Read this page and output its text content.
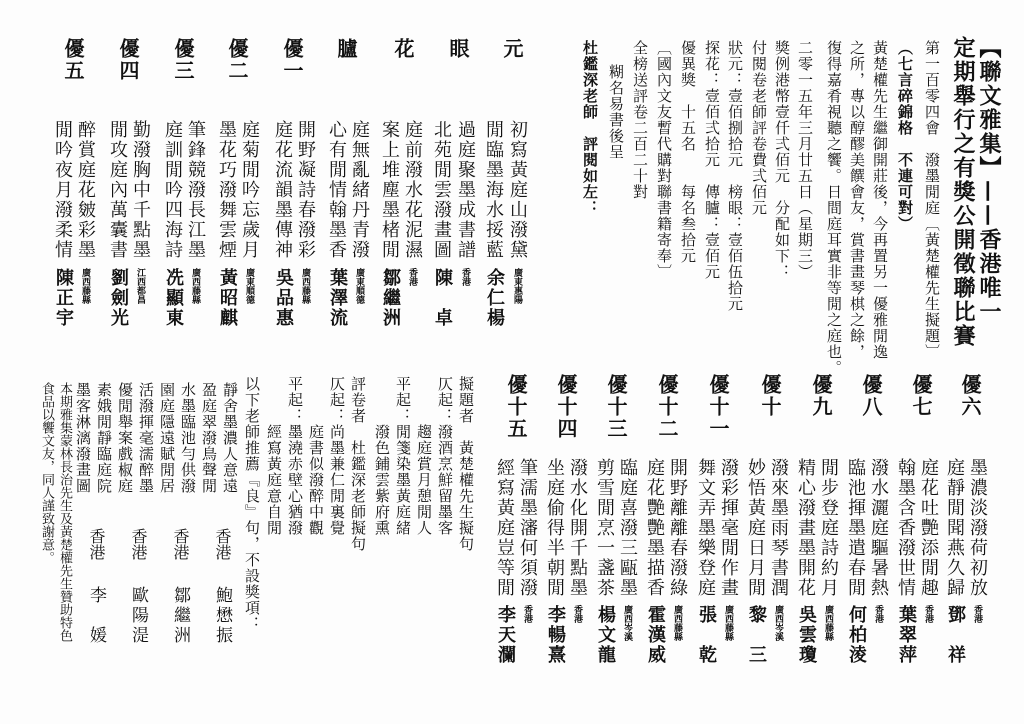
【聯文雅集】——香港唯一
定期舉行之有獎公開徵聯比賽
第一百零四會　潑墨閒庭〔黃楚權先生擬題〕
（七言碎錦格　不連可對）
黃楚權先生繼御開莊後，今再置另一優雅閒逸
之所，專以醇醪美饌會友，賞書畫琴棋之餘，
復得嘉肴視聽之饗。日間庭耳實非等閒之庭也。
二零一五年三月廿五日（星期三）
獎例港幣壹仟弍佰元　分配如下：
付閱卷老師評卷費弍佰元
狀元：壹佰捌拾元　榜眼：壹佰伍拾元
探花：壹佰弍拾元　傳臚：壹佰元
優異獎　十五名　　每名叁拾元
〔國內文友暫代購對聯書籍寄奉〕
全榜送評卷二百二十對
糊名易書後呈
杜鑑深老師　評閱如左：
元
初寫黃庭山潑黛
閒臨墨海水挼藍
廣東惠陽
余仁楊
眼
過庭聚墨成書譜
北苑閒雲潑畫圖
香港
陳　卓
花
庭前潑水花泥濕
案上堆塵墨楮閒
香港
鄒繼洲
臚
庭無亂緒丹青潑
心有閒情翰墨香
廣東順德
葉澤流
優一
開野凝詩春潑彩
庭花流韻墨傳神
廣西藤縣
吳品惠
優二
庭菊閒吟忘歲月
墨花巧潑舞雲煙
廣東順德
黃昭麒
優三
筆鋒競潑長江墨
庭訓閒吟四海詩
廣西藤縣
冼顯東
優四
勤潑胸中千點墨
閒攻庭內萬囊書
江西都昌
劉劍光
優五
醉賞庭花皴彩墨
閒吟夜月潑柔情
廣西藤縣
陳正宇
優六
墨濃淡潑荷初放
庭靜閒聞燕久歸
香港
鄧　祥
優七
庭花吐艷添閒趣
翰墨含香潑世情
香港
葉翠萍
優八
潑水灑庭驅暑熱
臨池揮墨遣春閒
香港
何柏淩
優九
閒步登庭詩約月
精心潑畫墨開花
廣西藤縣
吳雲瓊
優十
潑來墨雨琴書潤
妙悟黃庭日月閒
廣西岑溪
黎　三
優十一
潑彩揮毫閒作畫
舞文弄墨樂登庭
廣西藤縣
張　乾
優十二
開野離離春潑綠
庭花艷艷墨描香
廣西藤縣
霍漢威
優十三
臨庭喜潑三甌墨
剪雪閒烹一盞茶
廣西岑溪
楊文龍
優十四
潑水化開千點墨
坐庭偷得半朝閒
香港
李暢熹
優十五
筆濡墨瀋何須潑
經寫黃庭豈等閒
香港
李天瀾
擬題者　黃楚權先生擬句
仄起：潑酒烹鮮留墨客
　　　趨庭賞月憩閒人
平起：閒箋染墨黃庭緒
　　　潑色鋪雲紫府熏
評卷者　杜鑑深老師擬句
仄起：尚墨兼仁閒裏覺
　　　庭書似潑醉中觀
平起：墨澆赤壁心猶潑
　　　經寫黃庭意自閒
以下老師推薦『良』句，不設獎項：
靜舍墨濃人意遠
盈庭翠潑鳥聲閒
香港
鮑懋振
水墨臨池勻供潑
園庭隱遠賦閒居
香港
鄒繼洲
活潑揮毫濡醉墨
優閒舉案戲椒庭
香港
歐陽湜
素娥閒靜臨庭院
墨客淋漓潑畫圖
香港
李　媛
本期雅集蒙林長治先生及黃楚權先生贊助特色
食品以饗文友，同人謹致謝意。
